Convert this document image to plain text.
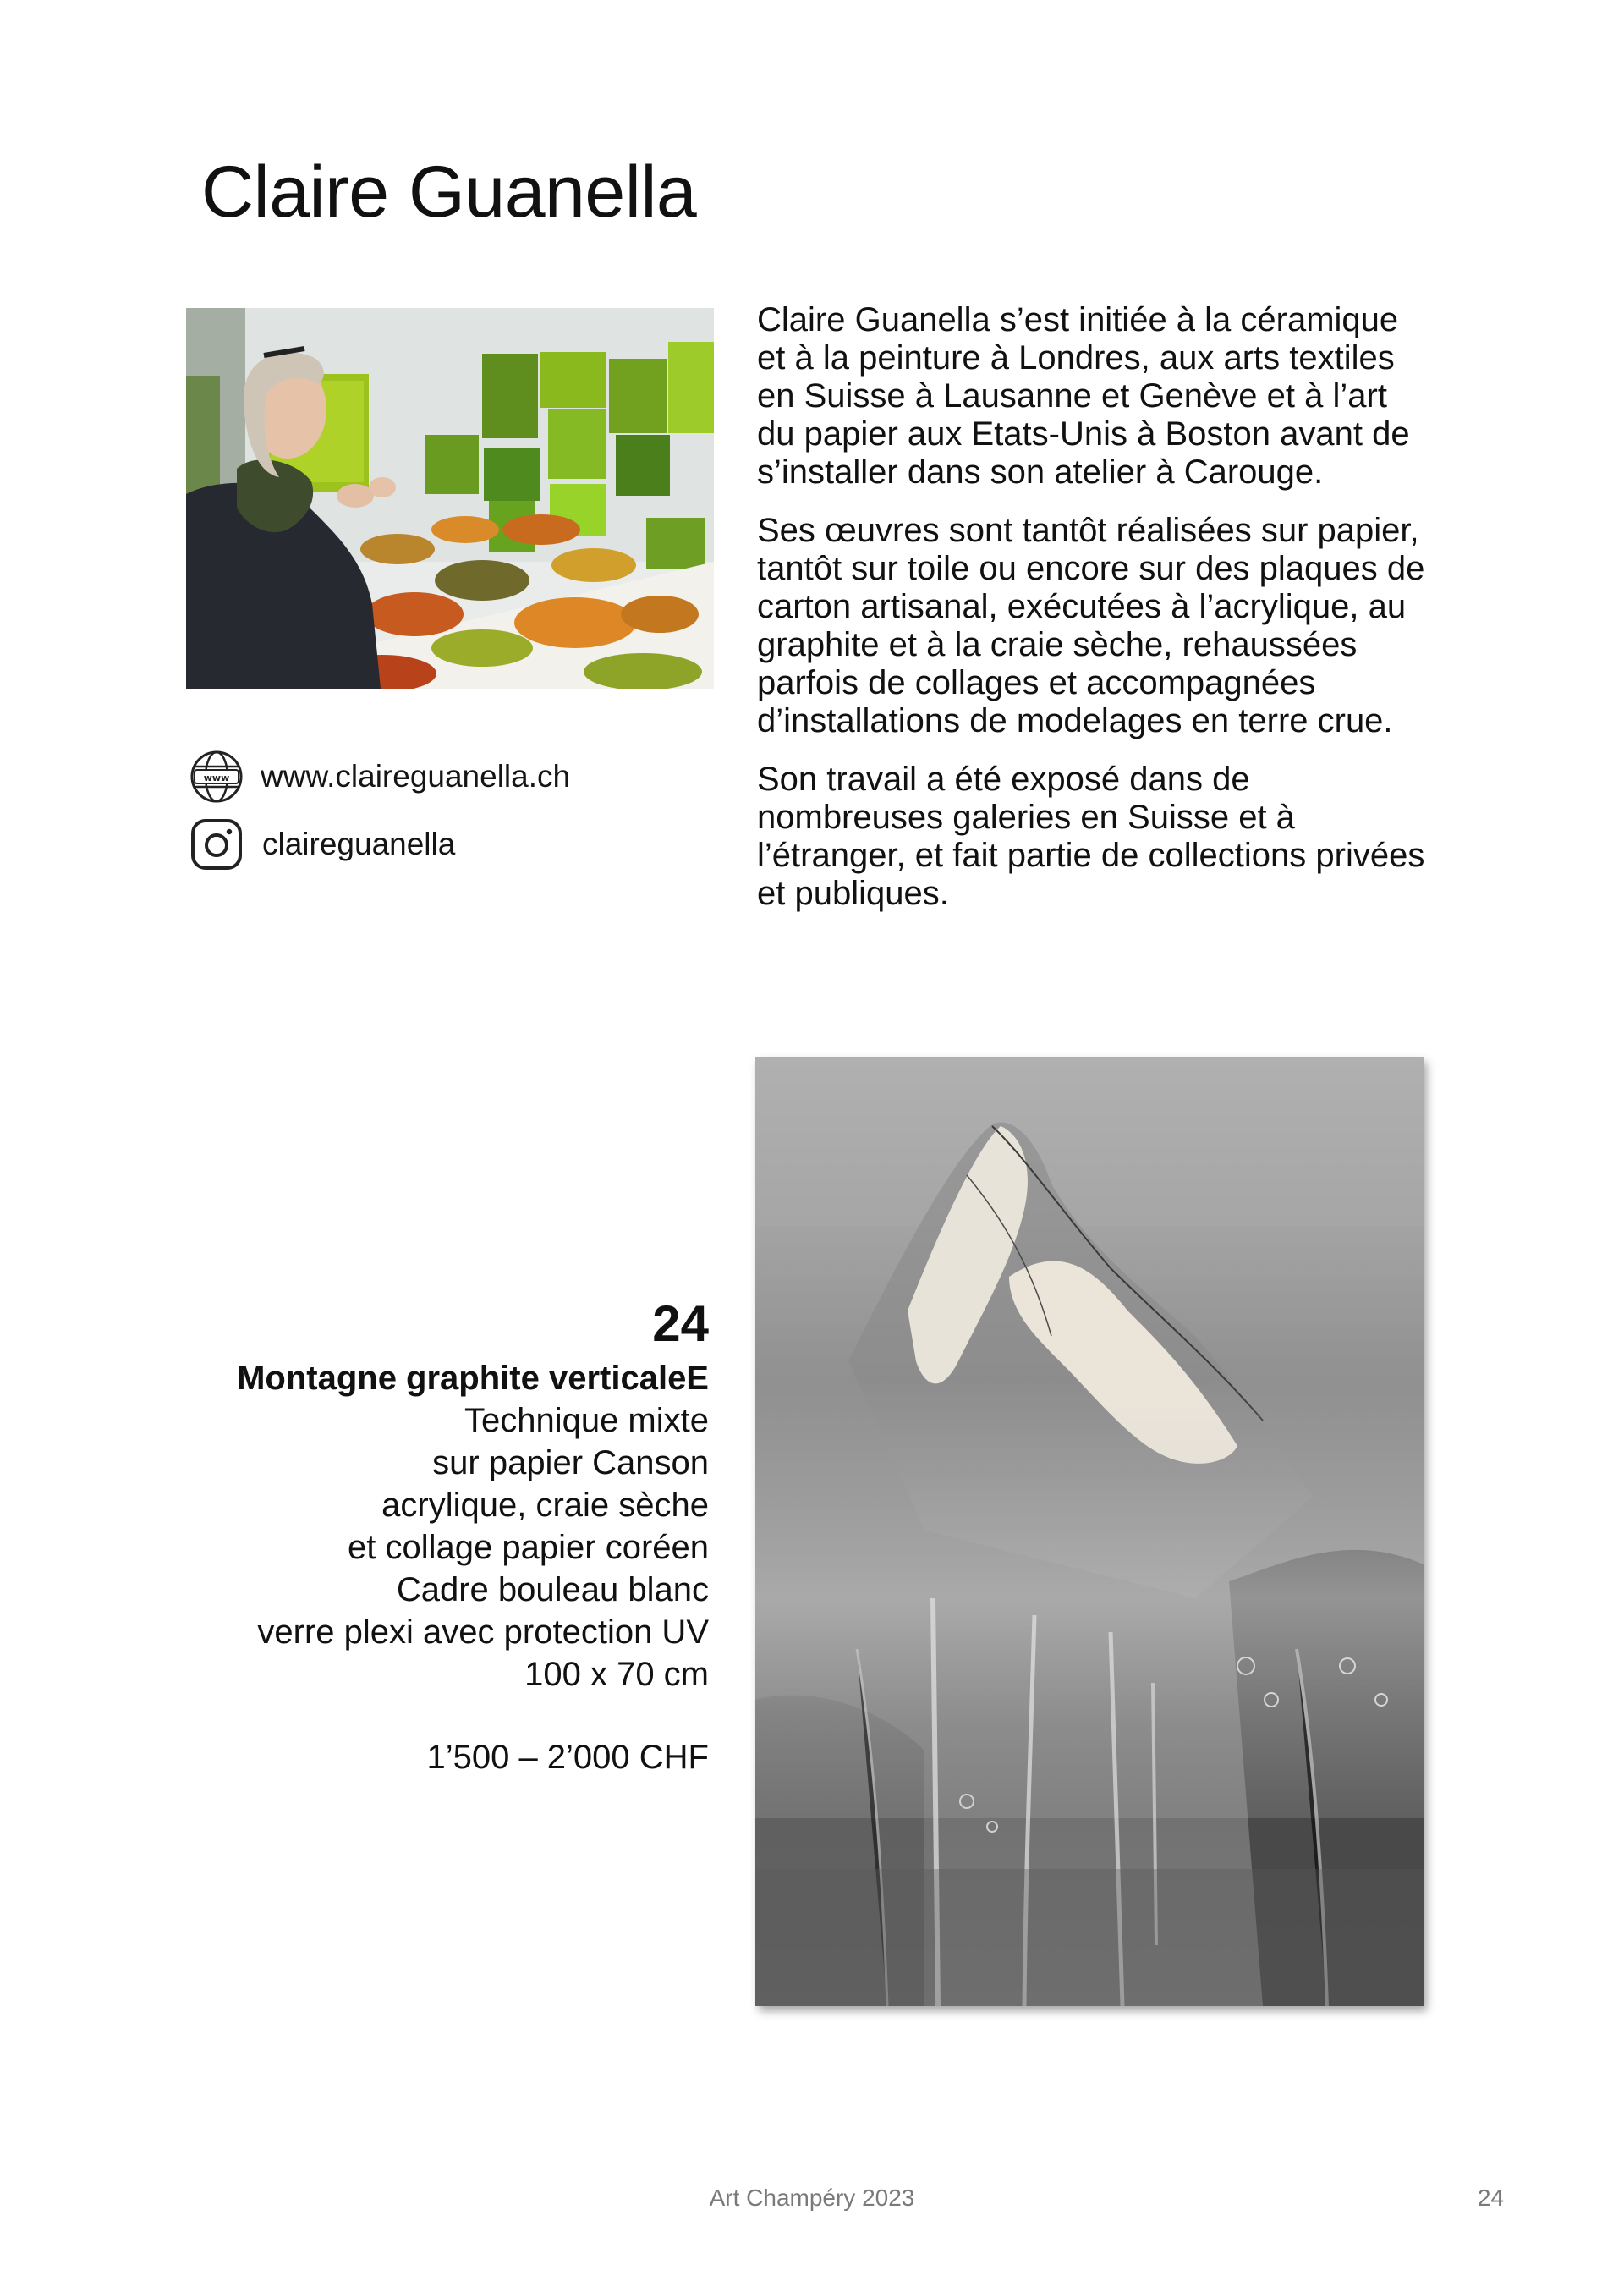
Claire Guanella
www www.claireguanella.ch
claireguanella

Claire Guanella s’est initiée à la céramique et à la peinture à Londres, aux arts textiles en Suisse à Lausanne et Genève et à l’art du papier aux Etats-Unis à Boston avant de s’installer dans son atelier à Carouge.

Ses œuvres sont tantôt réalisées sur papier, tantôt sur toile ou encore sur des plaques de carton artisanal, exécutées à l’acrylique, au graphite et à la craie sèche, rehaussées parfois de collages et accompagnées d’installations de modelages en terre crue.

Son travail a été exposé dans de nombreuses galeries en Suisse et à l’étranger, et fait partie de collections privées et publiques.

24
Montagne graphite verticaleE
Technique mixte
sur papier Canson
acrylique, craie sèche
et collage papier coréen
Cadre bouleau blanc
verre plexi avec protection UV
100 x 70 cm
1’500 – 2’000 CHF
Art Champéry 2023	24
